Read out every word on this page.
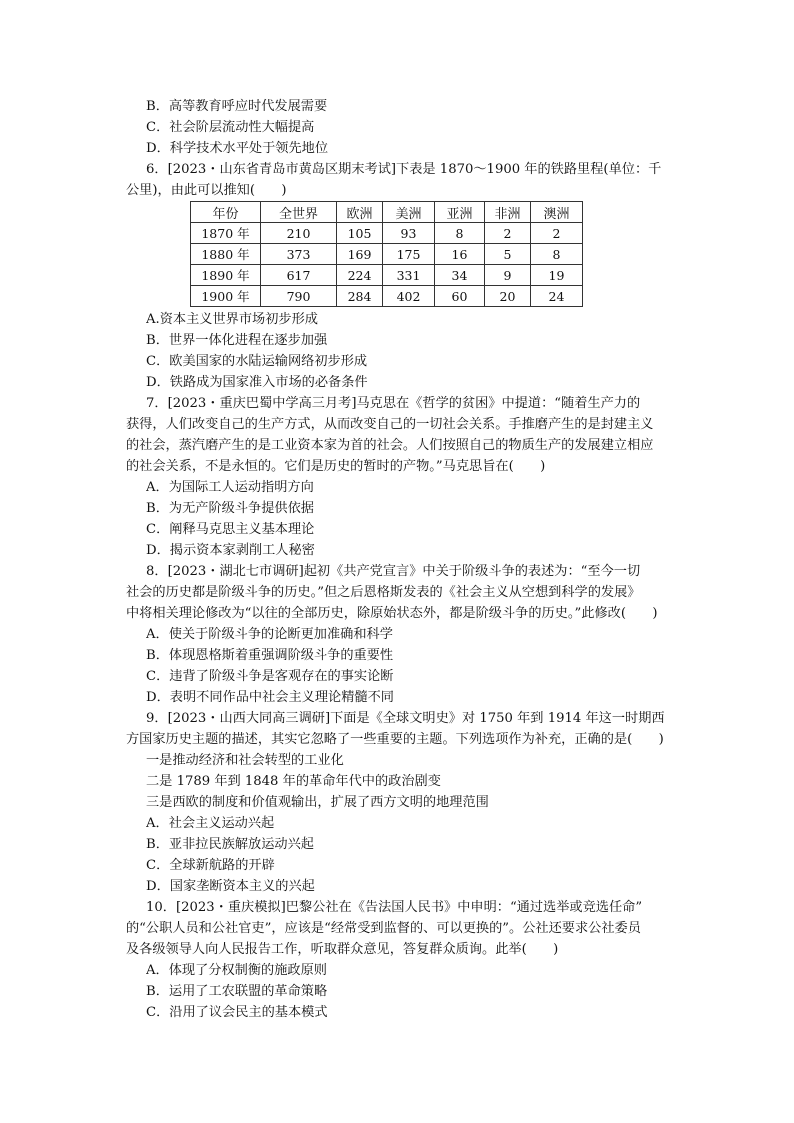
B．高等教育呼应时代发展需要
C．社会阶层流动性大幅提高
D．科学技术水平处于领先地位
6．[2023・山东省青岛市黄岛区期末考试]下表是 1870～1900 年的铁路里程(单位：千
公里)，由此可以推知(　　)
年份	全世界	欧洲	美洲	亚洲	非洲	澳洲
1870 年	210	105	93	8	2	2
1880 年	373	169	175	16	5	8
1890 年	617	224	331	34	9	19
1900 年	790	284	402	60	20	24
A.资本主义世界市场初步形成
B．世界一体化进程在逐步加强
C．欧美国家的水陆运输网络初步形成
D．铁路成为国家准入市场的必备条件
7．[2023・重庆巴蜀中学高三月考]马克思在《哲学的贫困》中提道：“随着生产力的
获得，人们改变自己的生产方式，从而改变自己的一切社会关系。手推磨产生的是封建主义
的社会，蒸汽磨产生的是工业资本家为首的社会。人们按照自己的物质生产的发展建立相应
的社会关系，不是永恒的。它们是历史的暂时的产物。”马克思旨在(　　)
A．为国际工人运动指明方向
B．为无产阶级斗争提供依据
C．阐释马克思主义基本理论
D．揭示资本家剥削工人秘密
8．[2023・湖北七市调研]起初《共产党宣言》中关于阶级斗争的表述为：“至今一切
社会的历史都是阶级斗争的历史。”但之后恩格斯发表的《社会主义从空想到科学的发展》
中将相关理论修改为“以往的全部历史，除原始状态外，都是阶级斗争的历史。”此修改(　　)
A．使关于阶级斗争的论断更加准确和科学
B．体现恩格斯着重强调阶级斗争的重要性
C．违背了阶级斗争是客观存在的事实论断
D．表明不同作品中社会主义理论精髓不同
9．[2023・山西大同高三调研]下面是《全球文明史》对 1750 年到 1914 年这一时期西
方国家历史主题的描述，其实它忽略了一些重要的主题。下列选项作为补充，正确的是(　　)
一是推动经济和社会转型的工业化
二是 1789 年到 1848 年的革命年代中的政治剧变
三是西欧的制度和价值观输出，扩展了西方文明的地理范围
A．社会主义运动兴起
B．亚非拉民族解放运动兴起
C．全球新航路的开辟
D．国家垄断资本主义的兴起
10．[2023・重庆模拟]巴黎公社在《告法国人民书》中申明：“通过选举或竞选任命”
的“公职人员和公社官吏”，应该是“经常受到监督的、可以更换的”。公社还要求公社委员
及各级领导人向人民报告工作，听取群众意见，答复群众质询。此举(　　)
A．体现了分权制衡的施政原则
B．运用了工农联盟的革命策略
C．沿用了议会民主的基本模式
